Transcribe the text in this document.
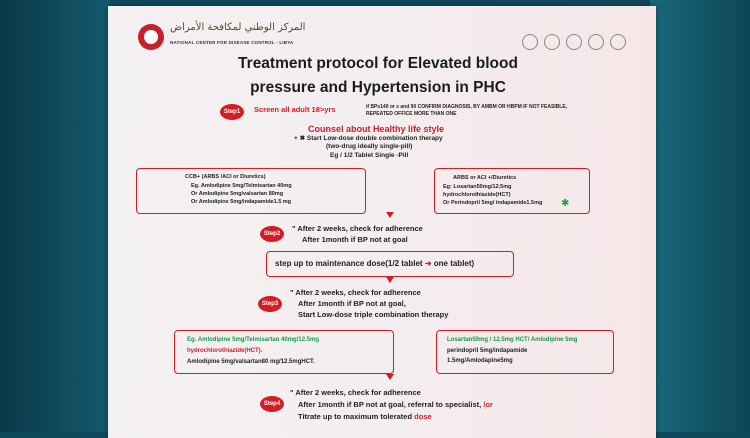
المركز الوطني لمكافحة الأمراض
NATIONAL CENTER FOR DISEASE CONTROL - LIBYA
Treatment protocol for Elevated blood
pressure and Hypertension in PHC
Step1	Screen all adult 18>yrs	if BP≥140 or ≥ and 90 CONFIRM DIAGNOSIS, BY AMBM OR HBPM IF NOT FEASIBLE,
REPEATED OFFICE MORE THAN ONE
Counsel about Healthy life style
+ ✖ Start Low-dose double combination therapy
(two-drug ideally single-pill)
Eg / 1/2 Tablet Single -Pill
CCB+ (ARBS /ACI or Diuretics)
Eg. Amlodipine 5mg/Telmisartan 40mg
Or Amlodipine 5mg/valsartan 80mg
Or Amlodipine 5mg/indapamide1.5 mg
ARBS or ACI +/Diuretics
Eg: Losartan50mg/12.5mg
hydrochlorothiazide(HCT)
Or Perindopril 5mg/ indapamide1.5mg ✱
Step2
" After 2 weeks, check for adherence
After 1month if BP not at goal
step up to maintenance dose(1/2 tablet ➜ one tablet)
Step3
" After 2 weeks, check for adherence
After 1month if BP not at goal,
Start Low-dose triple combination therapy
Eg. Amlodipine 5mg/Telmisartan 40mg/12.5mg
hydrochlorothiazide(HCT).
Amlodipine 5mg/valsartan80 mg/12.5mgHCT.
Losartan50mg / 12.5mg HCT/ Amlodipine 5mg
perindopril 5mg/indapamide
1.5mg/Amlodapine5mg
Step4
" After 2 weeks, check for adherence
After 1month if BP not at goal, referral to specialist, /or
Titrate up to maximum tolerated dose
